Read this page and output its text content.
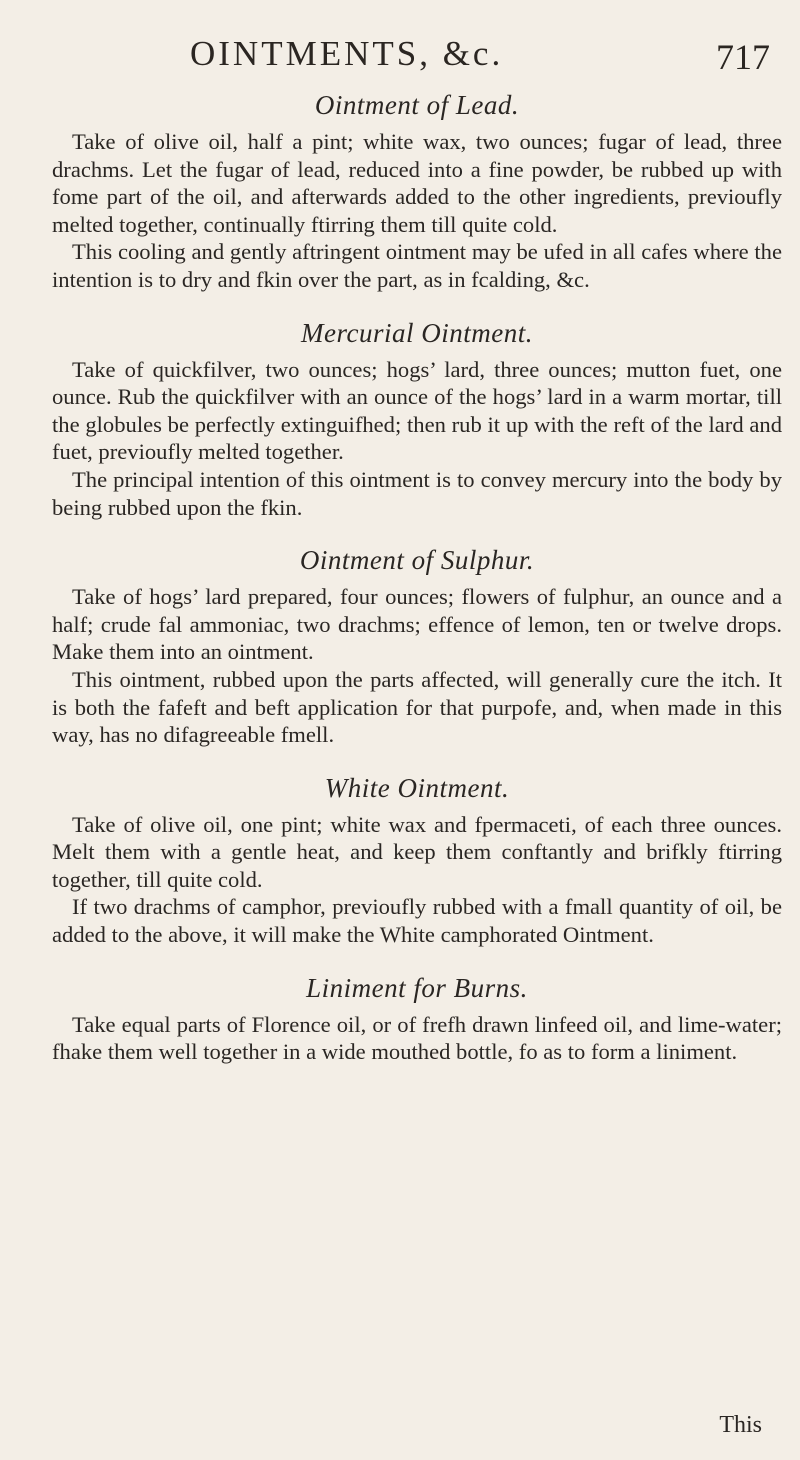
OINTMENTS, &c.	717
Ointment of Lead.

Take of olive oil, half a pint; white wax, two ounces; fugar of lead, three drachms. Let the fugar of lead, reduced into a fine powder, be rubbed up with fome part of the oil, and afterwards added to the other ingredients, previoufly melted together, continually ftirring them till quite cold.

This cooling and gently aftringent ointment may be ufed in all cafes where the intention is to dry and fkin over the part, as in fcalding, &c.

Mercurial Ointment.

Take of quickfilver, two ounces; hogs’ lard, three ounces; mutton fuet, one ounce. Rub the quickfilver with an ounce of the hogs’ lard in a warm mortar, till the globules be perfectly extinguifhed; then rub it up with the reft of the lard and fuet, previoufly melted together.

The principal intention of this ointment is to convey mercury into the body by being rubbed upon the fkin.

Ointment of Sulphur.

Take of hogs’ lard prepared, four ounces; flowers of fulphur, an ounce and a half; crude fal ammoniac, two drachms; effence of lemon, ten or twelve drops. Make them into an ointment.

This ointment, rubbed upon the parts affected, will generally cure the itch. It is both the fafeft and beft application for that purpofe, and, when made in this way, has no difagreeable fmell.

White Ointment.

Take of olive oil, one pint; white wax and fpermaceti, of each three ounces. Melt them with a gentle heat, and keep them conftantly and brifkly ftirring together, till quite cold.

If two drachms of camphor, previoufly rubbed with a fmall quantity of oil, be added to the above, it will make the White camphorated Ointment.

Liniment for Burns.

Take equal parts of Florence oil, or of frefh drawn linfeed oil, and lime-water; fhake them well together in a wide mouthed bottle, fo as to form a liniment.

This
